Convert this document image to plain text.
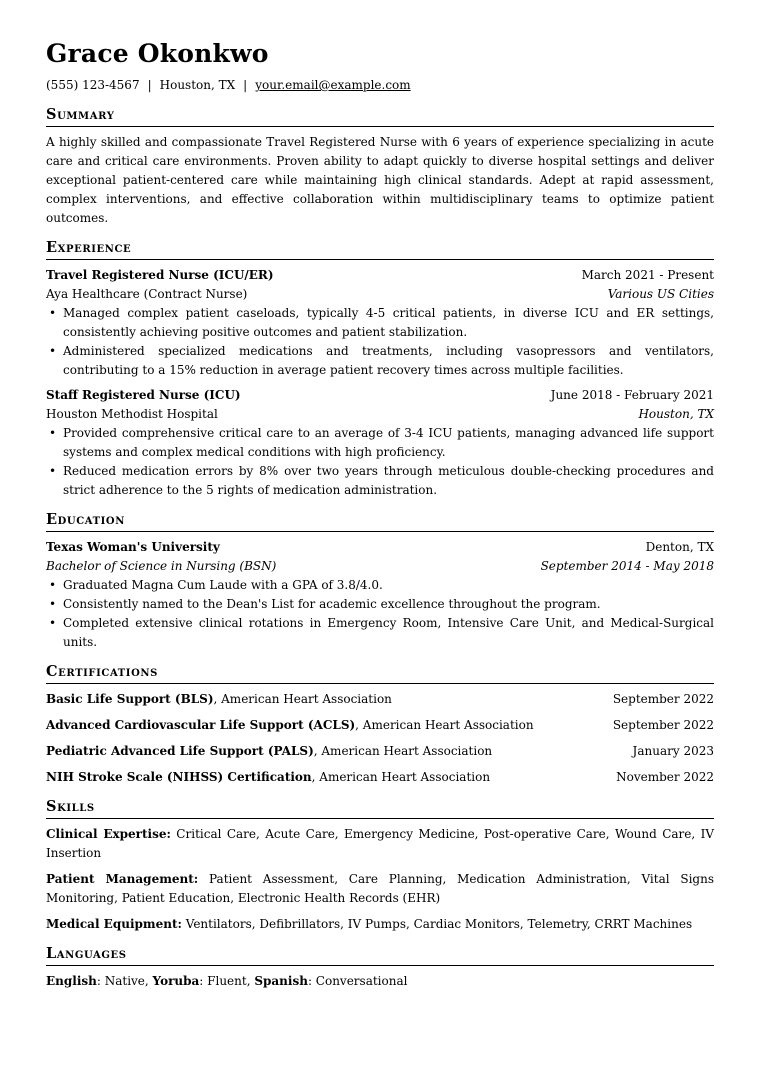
Grace Okonkwo
(555) 123-4567 | Houston, TX | your.email@example.com
Summary
A highly skilled and compassionate Travel Registered Nurse with 6 years of experience specializing in acute care and critical care environments. Proven ability to adapt quickly to diverse hospital settings and deliver exceptional patient-centered care while maintaining high clinical standards. Adept at rapid assessment, complex interventions, and effective collaboration within multidisciplinary teams to optimize patient outcomes.
Experience
Travel Registered Nurse (ICU/ER)	March 2021 - Present
Aya Healthcare (Contract Nurse)	Various US Cities
• Managed complex patient caseloads, typically 4-5 critical patients, in diverse ICU and ER settings, consistently achieving positive outcomes and patient stabilization.
• Administered specialized medications and treatments, including vasopressors and ventilators, contributing to a 15% reduction in average patient recovery times across multiple facilities.
Staff Registered Nurse (ICU)	June 2018 - February 2021
Houston Methodist Hospital	Houston, TX
• Provided comprehensive critical care to an average of 3-4 ICU patients, managing advanced life support systems and complex medical conditions with high proficiency.
• Reduced medication errors by 8% over two years through meticulous double-checking procedures and strict adherence to the 5 rights of medication administration.
Education
Texas Woman's University	Denton, TX
Bachelor of Science in Nursing (BSN)	September 2014 - May 2018
• Graduated Magna Cum Laude with a GPA of 3.8/4.0.
• Consistently named to the Dean's List for academic excellence throughout the program.
• Completed extensive clinical rotations in Emergency Room, Intensive Care Unit, and Medical-Surgical units.
Certifications
Basic Life Support (BLS), American Heart Association	September 2022
Advanced Cardiovascular Life Support (ACLS), American Heart Association	September 2022
Pediatric Advanced Life Support (PALS), American Heart Association	January 2023
NIH Stroke Scale (NIHSS) Certification, American Heart Association	November 2022
Skills
Clinical Expertise: Critical Care, Acute Care, Emergency Medicine, Post-operative Care, Wound Care, IV Insertion
Patient Management: Patient Assessment, Care Planning, Medication Administration, Vital Signs Monitoring, Patient Education, Electronic Health Records (EHR)
Medical Equipment: Ventilators, Defibrillators, IV Pumps, Cardiac Monitors, Telemetry, CRRT Machines
Languages
English: Native, Yoruba: Fluent, Spanish: Conversational
